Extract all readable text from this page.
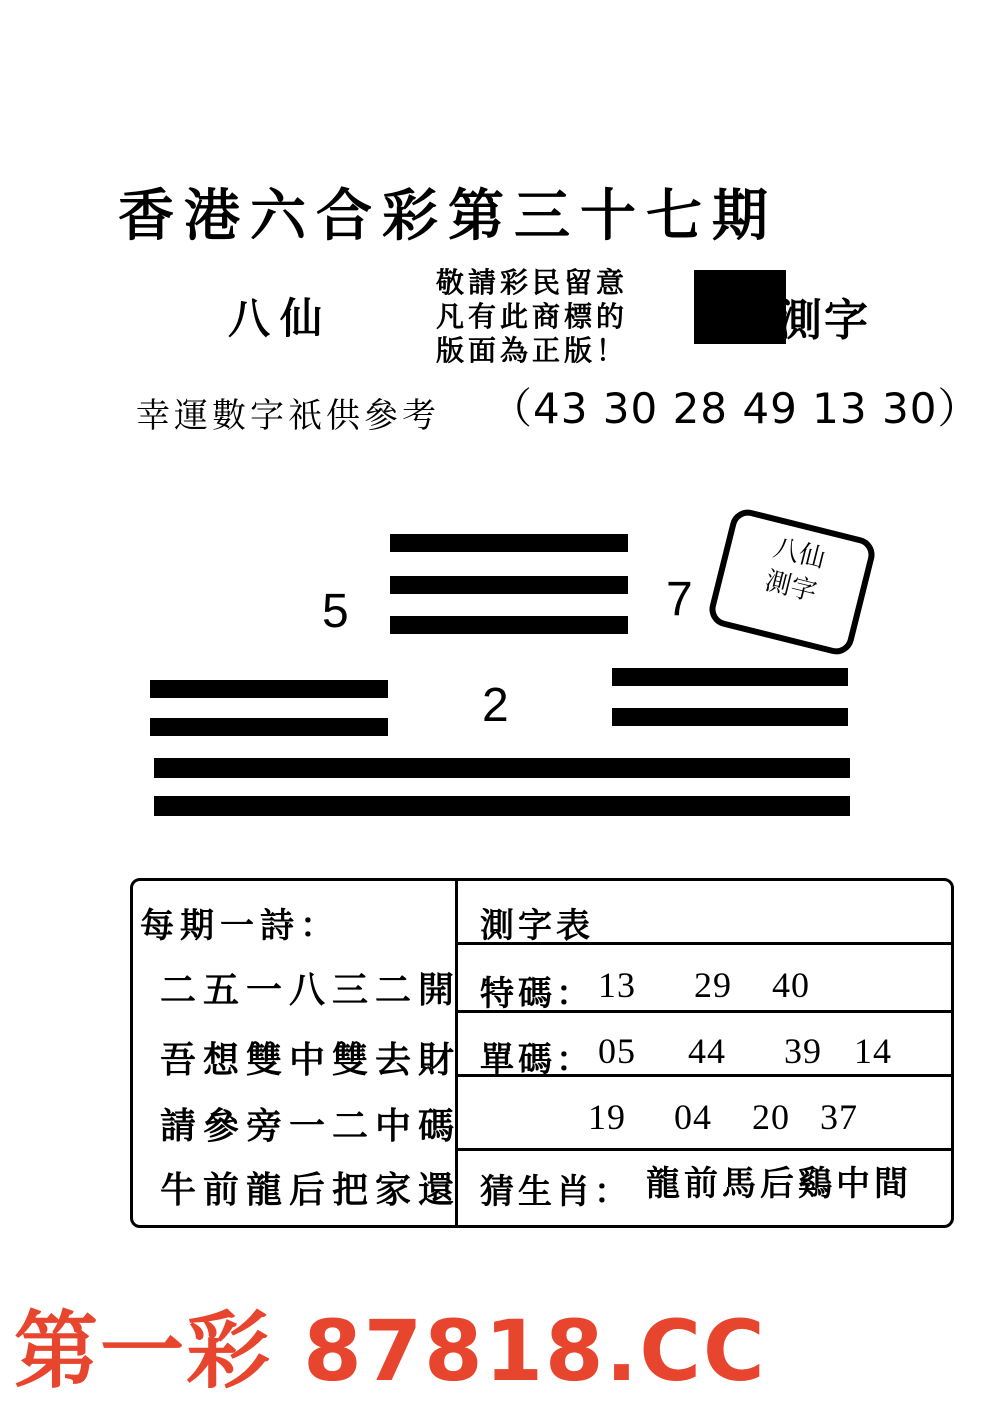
香港六合彩第三十七期
八仙
敬請彩民留意
凡有此商標的
版面為正版！
測字
幸運數字祇供參考 （43 30 28 49 13 30）
5	7
2
八仙
測字
每期一詩：
二五一八三二開
吾想雙中雙去財
請參旁一二中碼
牛前龍后把家還
測字表
特碼： 13 29 40
單碼： 05 44 39 14
19 04 20 37
猜生肖： 龍前馬后鷄中間
第一彩 87818.CC
